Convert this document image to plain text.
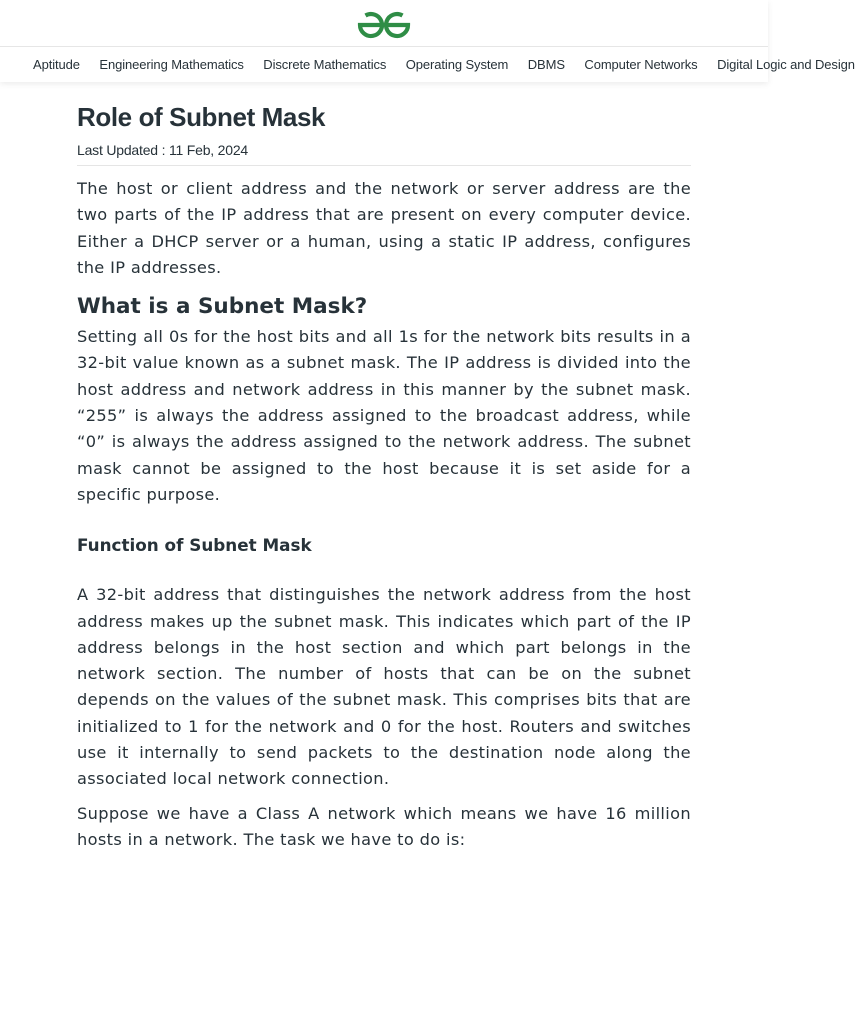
Aptitude Engineering Mathematics Discrete Mathematics Operating System DBMS Computer Networks Digital Logic and Design
Role of Subnet Mask
Last Updated : 11 Feb, 2024

The host or client address and the network or server address are the two parts of the IP address that are present on every computer device. Either a DHCP server or a human, using a static IP address, configures the IP addresses.

What is a Subnet Mask?

Setting all 0s for the host bits and all 1s for the network bits results in a 32-bit value known as a subnet mask. The IP address is divided into the host address and network address in this manner by the subnet mask. “255” is always the address assigned to the broadcast address, while “0” is always the address assigned to the network address. The subnet mask cannot be assigned to the host because it is set aside for a specific purpose.

Function of Subnet Mask

A 32-bit address that distinguishes the network address from the host address makes up the subnet mask. This indicates which part of the IP address belongs in the host section and which part belongs in the network section. The number of hosts that can be on the subnet depends on the values of the subnet mask. This comprises bits that are initialized to 1 for the network and 0 for the host. Routers and switches use it internally to send packets to the destination node along the associated local network connection.

Suppose we have a Class A network which means we have 16 million hosts in a network. The task we have to do is:
